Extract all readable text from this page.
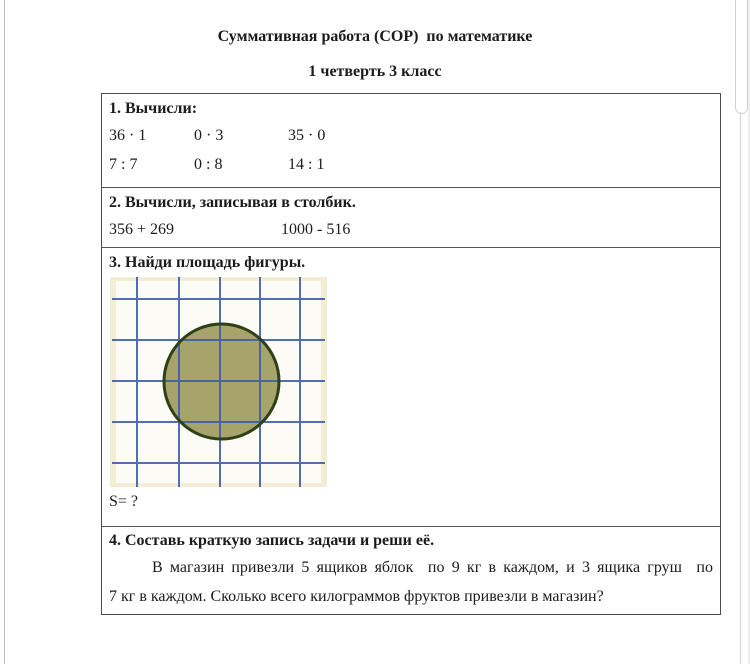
Суммативная работа (СОР)  по математике
1 четверть 3 класс
1. Вычисли:
36 · 1	0 · 3	35 · 0
7 : 7	0 : 8	14 : 1
2. Вычисли, записывая в столбик.
356 + 269	1000 - 516
3. Найди площадь фигуры.
S= ?
4. Составь краткую запись задачи и реши её.
В магазин привезли 5 ящиков яблок  по 9 кг в каждом, и 3 ящика груш  по
7 кг в каждом. Сколько всего килограммов фруктов привезли в магазин?
